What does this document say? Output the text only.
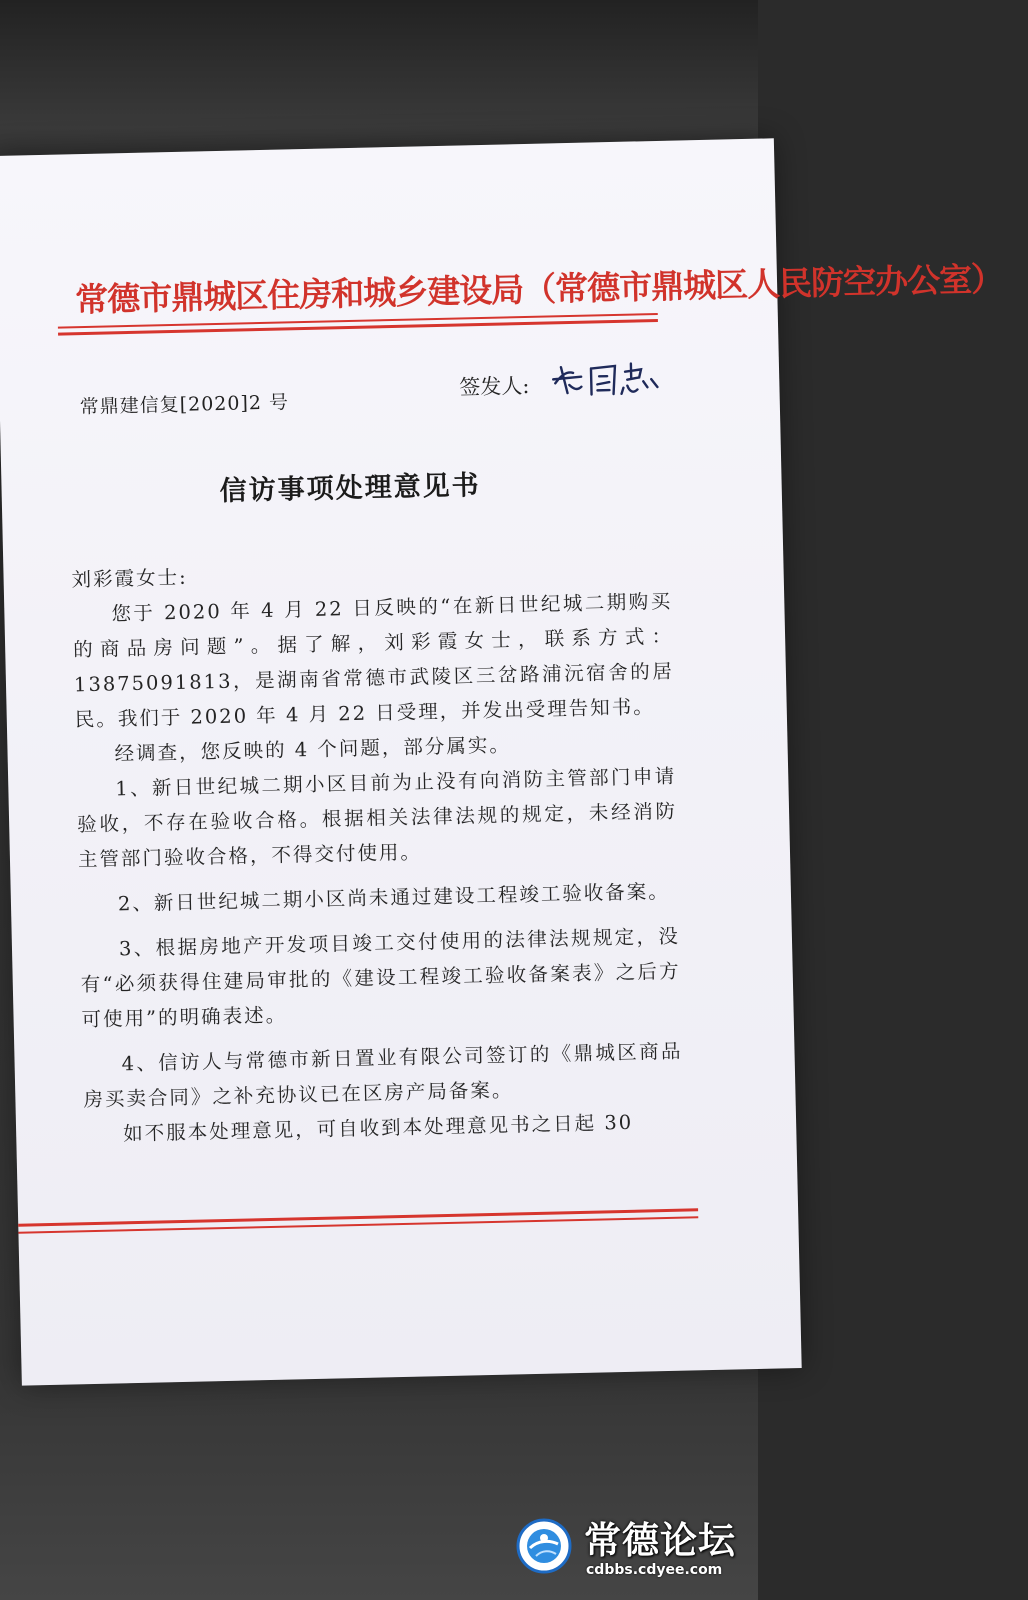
常德市鼎城区住房和城乡建设局（常德市鼎城区人民防空办公室）
常鼎建信复[2020]2 号
签发人:
信访事项处理意见书

刘彩霞女士:

您于 2020 年 4 月 22 日反映的“在新日世纪城二期购买的商品房问题”。据了解，刘彩霞女士，联系方式：13875091813，是湖南省常德市武陵区三岔路浦沅宿舍的居民。我们于 2020 年 4 月 22 日受理，并发出受理告知书。

经调查，您反映的 4 个问题，部分属实。

1、新日世纪城二期小区目前为止没有向消防主管部门申请验收，不存在验收合格。根据相关法律法规的规定，未经消防主管部门验收合格，不得交付使用。

2、新日世纪城二期小区尚未通过建设工程竣工验收备案。

3、根据房地产开发项目竣工交付使用的法律法规规定，没有“必须获得住建局审批的《建设工程竣工验收备案表》之后方可使用”的明确表述。

4、信访人与常德市新日置业有限公司签订的《鼎城区商品房买卖合同》之补充协议已在区房产局备案。

如不服本处理意见，可自收到本处理意见书之日起 30

常德论坛
cdbbs.cdyee.com
